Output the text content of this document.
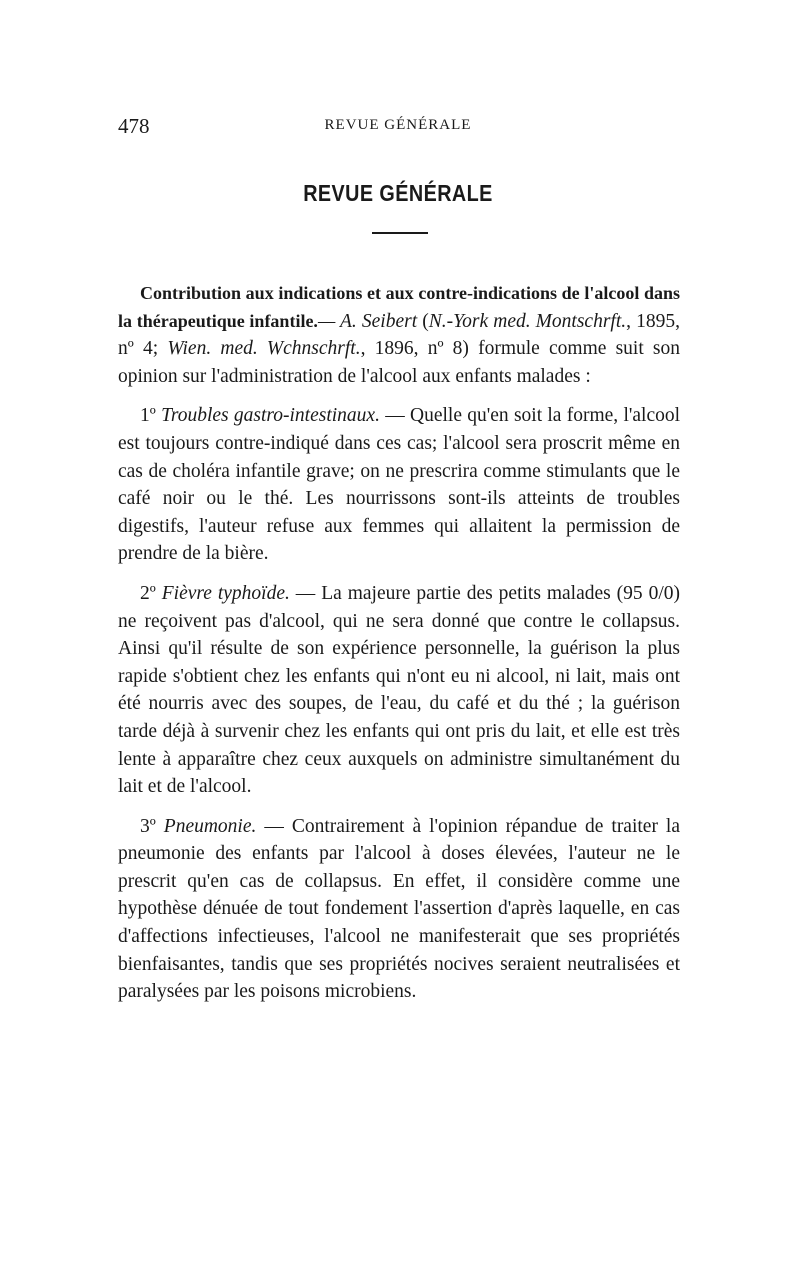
478	REVUE GÉNÉRALE
REVUE GÉNÉRALE

Contribution aux indications et aux contre-indications de l'alcool dans la thérapeutique infantile.— A. Seibert (N.-York med. Montschrft., 1895, nº 4; Wien. med. Wchnschrft., 1896, nº 8) formule comme suit son opinion sur l'administration de l'alcool aux enfants malades :

1º Troubles gastro-intestinaux. — Quelle qu'en soit la forme, l'alcool est toujours contre-indiqué dans ces cas; l'alcool sera proscrit même en cas de choléra infantile grave; on ne prescrira comme stimulants que le café noir ou le thé. Les nourrissons sont-ils atteints de troubles digestifs, l'auteur refuse aux femmes qui allaitent la permission de prendre de la bière.

2º Fièvre typhoïde. — La majeure partie des petits malades (95 0/0) ne reçoivent pas d'alcool, qui ne sera donné que contre le collapsus. Ainsi qu'il résulte de son expérience personnelle, la guérison la plus rapide s'obtient chez les enfants qui n'ont eu ni alcool, ni lait, mais ont été nourris avec des soupes, de l'eau, du café et du thé ; la guérison tarde déjà à survenir chez les enfants qui ont pris du lait, et elle est très lente à apparaître chez ceux auxquels on administre simultanément du lait et de l'alcool.

3º Pneumonie. — Contrairement à l'opinion répandue de traiter la pneumonie des enfants par l'alcool à doses élevées, l'auteur ne le prescrit qu'en cas de collapsus. En effet, il considère comme une hypothèse dénuée de tout fondement l'assertion d'après laquelle, en cas d'affections infectieuses, l'alcool ne manifesterait que ses propriétés bienfaisantes, tandis que ses propriétés nocives seraient neutralisées et paralysées par les poisons microbiens.
